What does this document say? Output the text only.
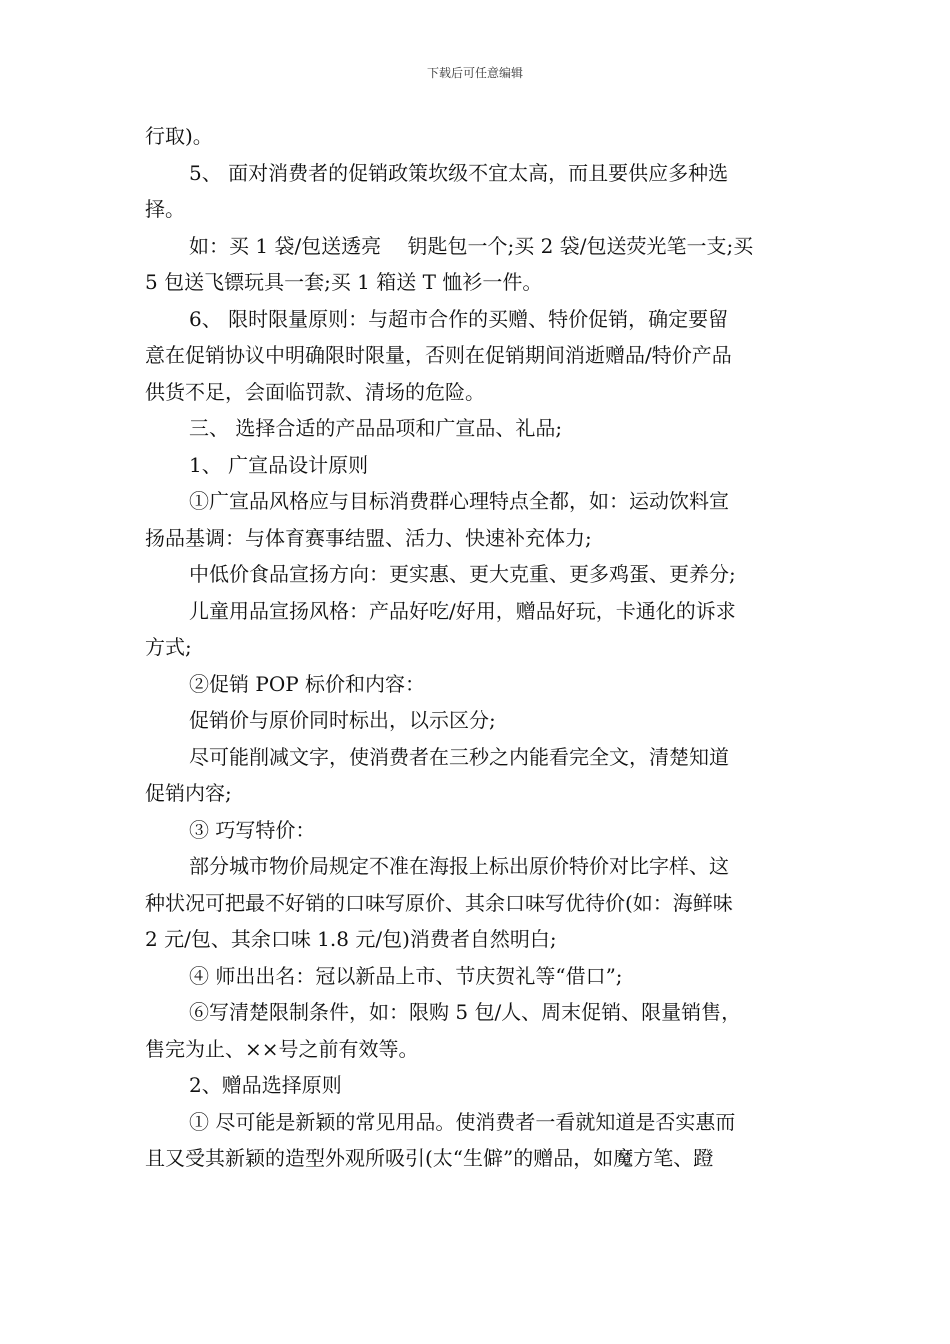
下载后可任意编辑
行取)。
5、 面对消费者的促销政策坎级不宜太高，而且要供应多种选
择。
如：买 1 袋/包送透亮　 钥匙包一个;买 2 袋/包送荧光笔一支;买
5 包送飞镖玩具一套;买 1 箱送 T 恤衫一件。
6、 限时限量原则：与超市合作的买赠、特价促销，确定要留
意在促销协议中明确限时限量，否则在促销期间消逝赠品/特价产品
供货不足，会面临罚款、清场的危险。
三、 选择合适的产品品项和广宣品、礼品;
1、 广宣品设计原则
①广宣品风格应与目标消费群心理特点全都，如：运动饮料宣
扬品基调：与体育赛事结盟、活力、快速补充体力;
中低价食品宣扬方向：更实惠、更大克重、更多鸡蛋、更养分;
儿童用品宣扬风格：产品好吃/好用，赠品好玩，卡通化的诉求
方式;
②促销 POP 标价和内容：
促销价与原价同时标出，以示区分;
尽可能削减文字，使消费者在三秒之内能看完全文，清楚知道
促销内容;
③ 巧写特价：
部分城市物价局规定不准在海报上标出原价特价对比字样、这
种状况可把最不好销的口味写原价、其余口味写优待价(如：海鲜味
2 元/包、其余口味 1.8 元/包)消费者自然明白;
④ 师出出名：冠以新品上市、节庆贺礼等“借口”;
⑥写清楚限制条件，如：限购 5 包/人、周末促销、限量销售，
售完为止、××号之前有效等。
2、赠品选择原则
① 尽可能是新颖的常见用品。使消费者一看就知道是否实惠而
且又受其新颖的造型外观所吸引(太“生僻”的赠品，如魔方笔、蹬
